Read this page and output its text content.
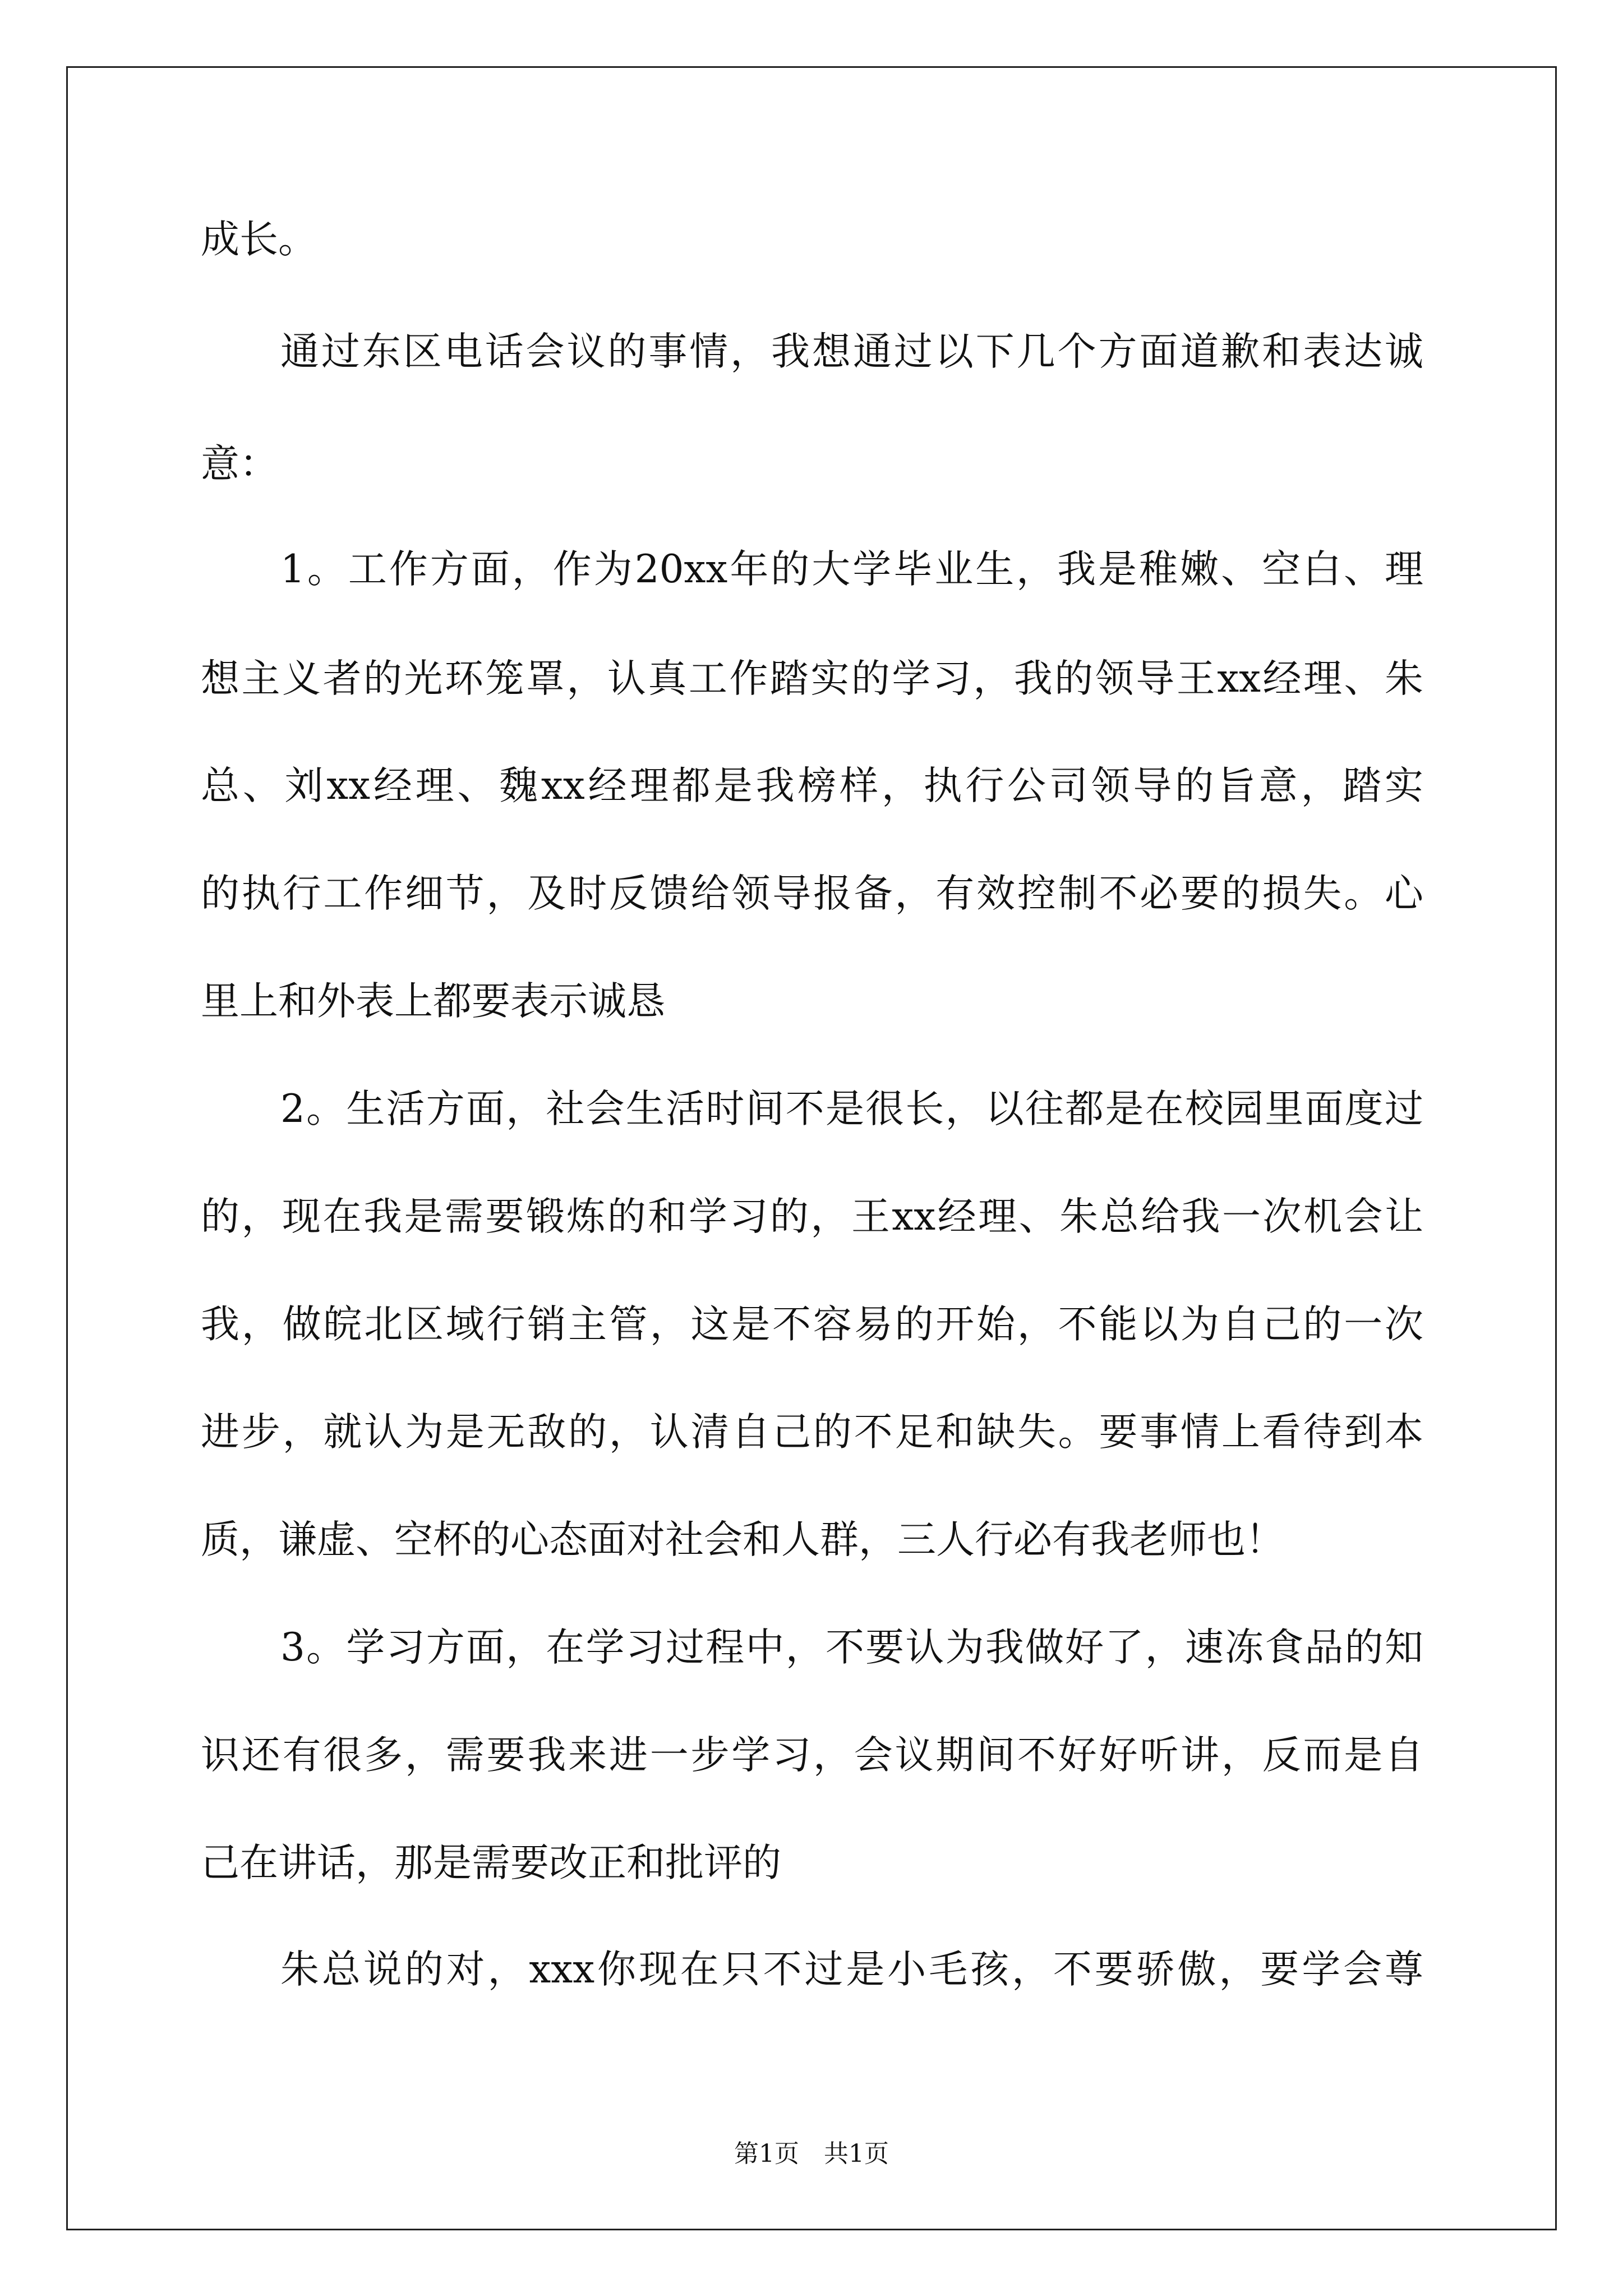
成长。
通过东区电话会议的事情，我想通过以下几个方面道歉和表达诚
意：
1。工作方面，作为20xx年的大学毕业生，我是稚嫩、空白、理
想主义者的光环笼罩，认真工作踏实的学习，我的领导王xx经理、朱
总、刘xx经理、魏xx经理都是我榜样，执行公司领导的旨意，踏实
的执行工作细节，及时反馈给领导报备，有效控制不必要的损失。心
里上和外表上都要表示诚恳
2。生活方面，社会生活时间不是很长，以往都是在校园里面度过
的，现在我是需要锻炼的和学习的，王xx经理、朱总给我一次机会让
我，做皖北区域行销主管，这是不容易的开始，不能以为自己的一次
进步，就认为是无敌的，认清自己的不足和缺失。要事情上看待到本
质，谦虚、空杯的心态面对社会和人群，三人行必有我老师也！
3。学习方面，在学习过程中，不要认为我做好了，速冻食品的知
识还有很多，需要我来进一步学习，会议期间不好好听讲，反而是自
己在讲话，那是需要改正和批评的
朱总说的对，xxx你现在只不过是小毛孩，不要骄傲，要学会尊
第1页　共1页
